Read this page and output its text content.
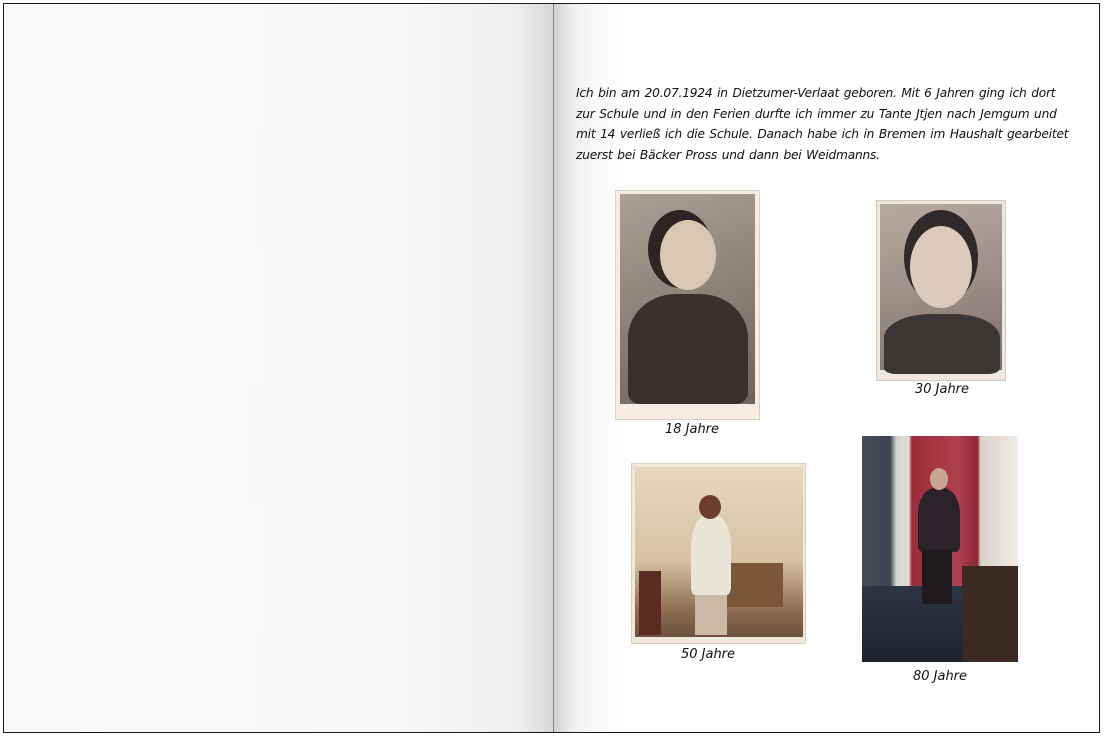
Ich bin am 20.07.1924 in Dietzumer-Verlaat geboren. Mit 6 Jahren ging ich dort
zur Schule und in den Ferien durfte ich immer zu Tante Jtjen nach Jemgum und
mit 14 verließ ich die Schule. Danach habe ich in Bremen im Haushalt gearbeitet
zuerst bei Bäcker Pross und dann bei Weidmanns.

18 Jahre
30 Jahre
50 Jahre
80 Jahre
